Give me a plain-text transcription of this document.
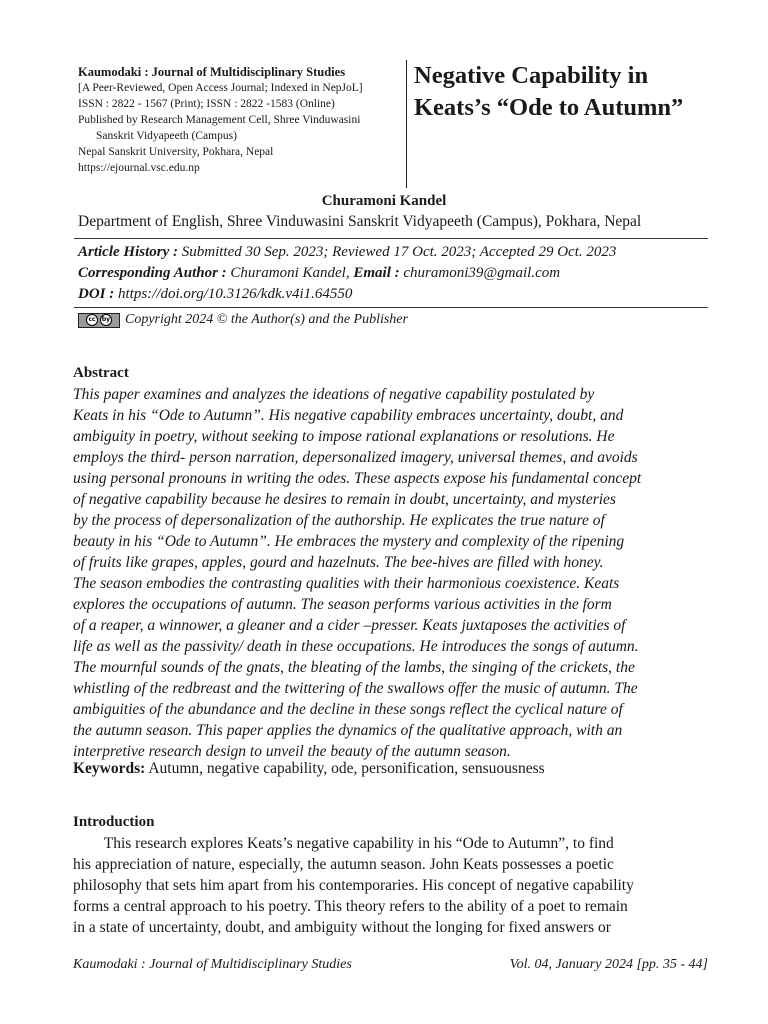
Kaumodaki : Journal of Multidisciplinary Studies
[A Peer-Reviewed, Open Access Journal; Indexed in NepJoL]
ISSN : 2822 - 1567 (Print); ISSN : 2822 -1583 (Online)
Published by Research Management Cell, Shree Vinduwasini
Sanskrit Vidyapeeth (Campus)
Nepal Sanskrit University, Pokhara, Nepal
https://ejournal.vsc.edu.np
Negative Capability in
Keats’s “Ode to Autumn”
Churamoni Kandel
Department of English, Shree Vinduwasini Sanskrit Vidyapeeth (Campus), Pokhara, Nepal
Article History : Submitted 30 Sep. 2023; Reviewed 17 Oct. 2023; Accepted 29 Oct. 2023
Corresponding Author : Churamoni Kandel, Email : churamoni39@gmail.com
DOI : https://doi.org/10.3126/kdk.v4i1.64550
cc	by Copyright 2024 © the Author(s) and the Publisher
Abstract
This paper examines and analyzes the ideations of negative capability postulated by
Keats in his “Ode to Autumn”. His negative capability embraces uncertainty, doubt, and
ambiguity in poetry, without seeking to impose rational explanations or resolutions. He
employs the third- person narration, depersonalized imagery, universal themes, and avoids
using personal pronouns in writing the odes. These aspects expose his fundamental concept
of negative capability because he desires to remain in doubt, uncertainty, and mysteries
by the process of depersonalization of the authorship. He explicates the true nature of
beauty in his “Ode to Autumn”. He embraces the mystery and complexity of the ripening
of fruits like grapes, apples, gourd and hazelnuts. The bee-hives are filled with honey.
The season embodies the contrasting qualities with their harmonious coexistence. Keats
explores the occupations of autumn. The season performs various activities in the form
of a reaper, a winnower, a gleaner and a cider –presser. Keats juxtaposes the activities of
life as well as the passivity/ death in these occupations. He introduces the songs of autumn.
The mournful sounds of the gnats, the bleating of the lambs, the singing of the crickets, the
whistling of the redbreast and the twittering of the swallows offer the music of autumn. The
ambiguities of the abundance and the decline in these songs reflect the cyclical nature of
the autumn season. This paper applies the dynamics of the qualitative approach, with an
interpretive research design to unveil the beauty of the autumn season.
Keywords: Autumn, negative capability, ode, personification, sensuousness
Introduction
This research explores Keats’s negative capability in his “Ode to Autumn”, to find
his appreciation of nature, especially, the autumn season. John Keats possesses a poetic
philosophy that sets him apart from his contemporaries. His concept of negative capability
forms a central approach to his poetry. This theory refers to the ability of a poet to remain
in a state of uncertainty, doubt, and ambiguity without the longing for fixed answers or
Kaumodaki : Journal of Multidisciplinary Studies	Vol. 04, January 2024 [pp. 35 - 44]
